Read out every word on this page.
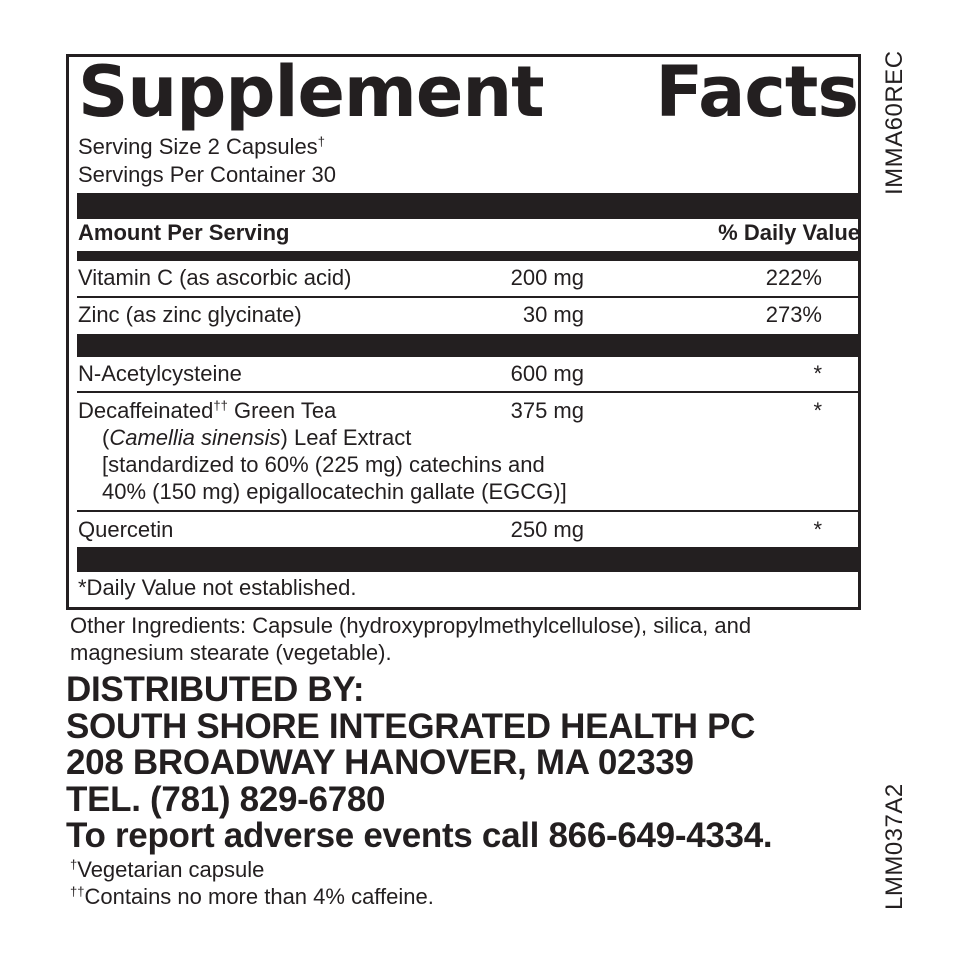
Supplement Facts
Serving Size 2 Capsules†
Servings Per Container 30
Amount Per Serving	% Daily Value
Vitamin C (as ascorbic acid)	200 mg	222%
Zinc (as zinc glycinate)	30 mg	273%
N-Acetylcysteine	600 mg	*
Decaffeinated†† Green Tea	375 mg	*
(Camellia sinensis) Leaf Extract
[standardized to 60% (225 mg) catechins and
40% (150 mg) epigallocatechin gallate (EGCG)]
Quercetin	250 mg	*
*Daily Value not established.
Other Ingredients: Capsule (hydroxypropylmethylcellulose), silica, and magnesium stearate (vegetable).
DISTRIBUTED BY:
SOUTH SHORE INTEGRATED HEALTH PC
208 BROADWAY HANOVER, MA 02339
TEL. (781) 829-6780
To report adverse events call 866-649-4334.
†Vegetarian capsule
††Contains no more than 4% caffeine.
IMMA60REC
LMM037A2
